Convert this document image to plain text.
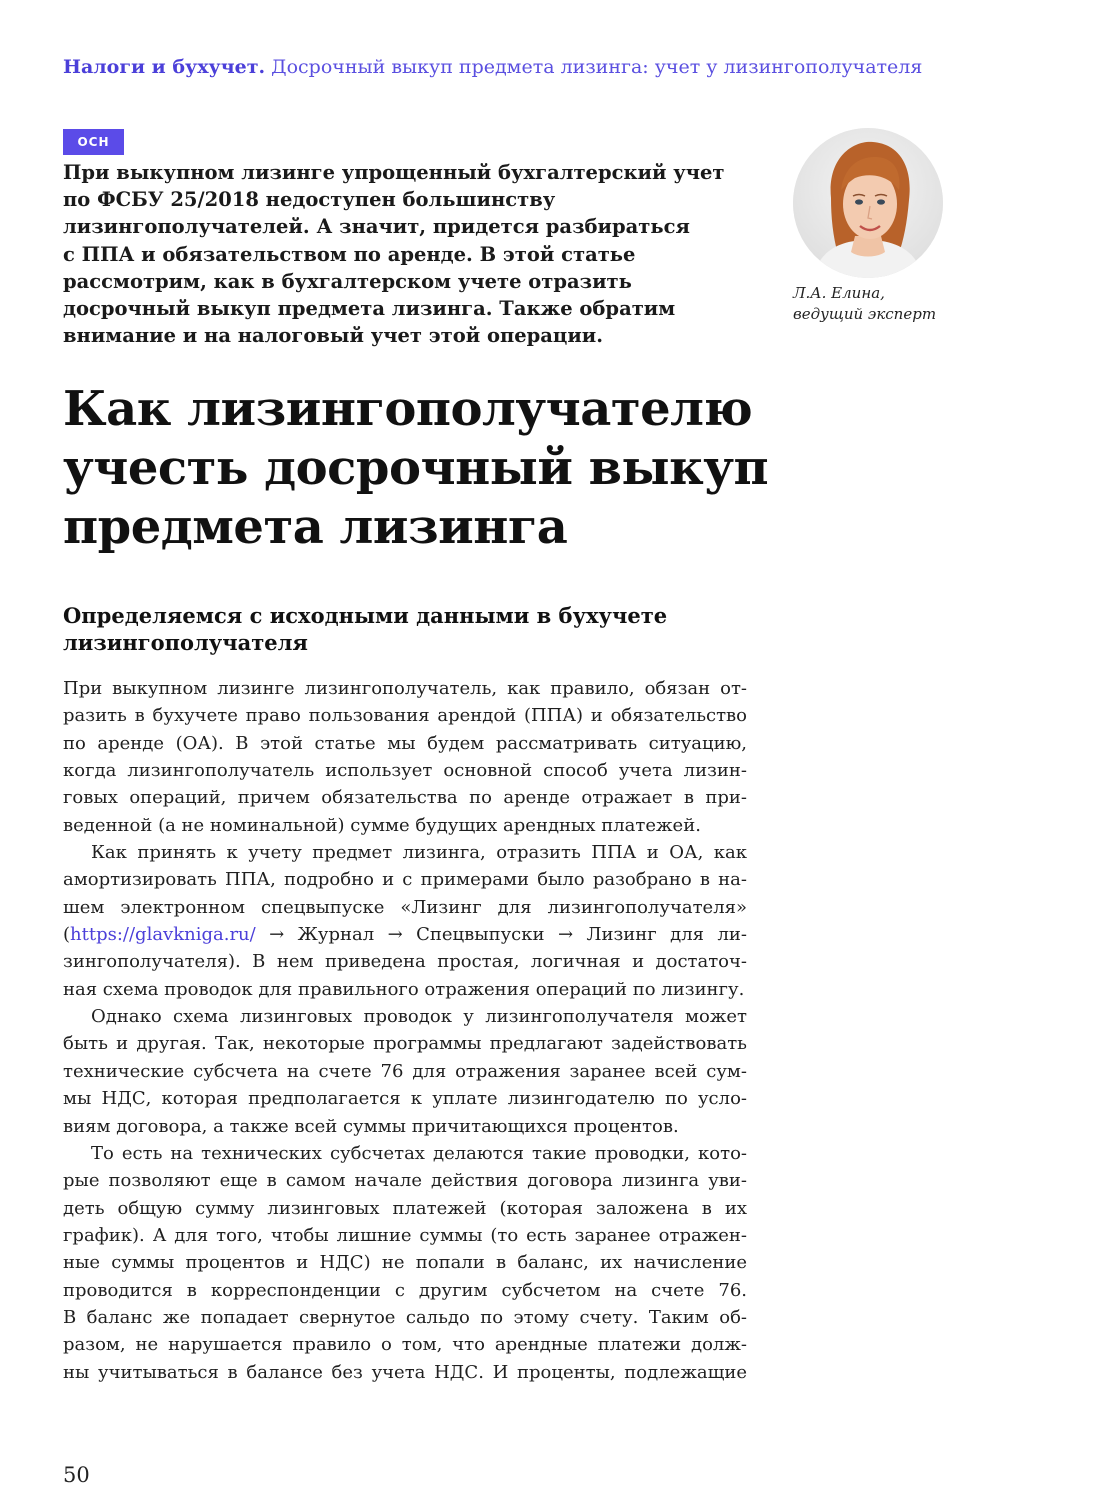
Налоги и бухучет. Досрочный выкуп предмета лизинга: учет у лизингополучателя
ОСН
При выкупном лизинге упрощенный бухгалтерский учет
по ФСБУ 25/2018 недоступен большинству
лизингополучателей. А значит, придется разбираться
с ППА и обязательством по аренде. В этой статье
рассмотрим, как в бухгалтерском учете отразить
досрочный выкуп предмета лизинга. Также обратим
внимание и на налоговый учет этой операции.
Л.А. Елина,
ведущий эксперт
Как лизингополучателю
учесть досрочный выкуп
предмета лизинга
Определяемся с исходными данными в бухучете
лизингополучателя
При выкупном лизинге лизингополучатель, как правило, обязан от-
разить в бухучете право пользования арендой (ППА) и обязательство
по аренде (ОА). В этой статье мы будем рассматривать ситуацию,
когда лизингополучатель использует основной способ учета лизин-
говых операций, причем обязательства по аренде отражает в при-
веденной (а не номинальной) сумме будущих арендных платежей.
Как принять к учету предмет лизинга, отразить ППА и ОА, как
амортизировать ППА, подробно и с примерами было разобрано в на-
шем электронном спецвыпуске «Лизинг для лизингополучателя»
(https://glavkniga.ru/ → Журнал → Спецвыпуски → Лизинг для ли-
зингополучателя). В нем приведена простая, логичная и достаточ-
ная схема проводок для правильного отражения операций по лизингу.
Однако схема лизинговых проводок у лизингополучателя может
быть и другая. Так, некоторые программы предлагают задействовать
технические субсчета на счете 76 для отражения заранее всей сум-
мы НДС, которая предполагается к уплате лизингодателю по усло-
виям договора, а также всей суммы причитающихся процентов.
То есть на технических субсчетах делаются такие проводки, кото-
рые позволяют еще в самом начале действия договора лизинга уви-
деть общую сумму лизинговых платежей (которая заложена в их
график). А для того, чтобы лишние суммы (то есть заранее отражен-
ные суммы процентов и НДС) не попали в баланс, их начисление
проводится в корреспонденции с другим субсчетом на счете 76.
В баланс же попадает свернутое сальдо по этому счету. Таким об-
разом, не нарушается правило о том, что арендные платежи долж-
ны учитываться в балансе без учета НДС. И проценты, подлежащие
50
